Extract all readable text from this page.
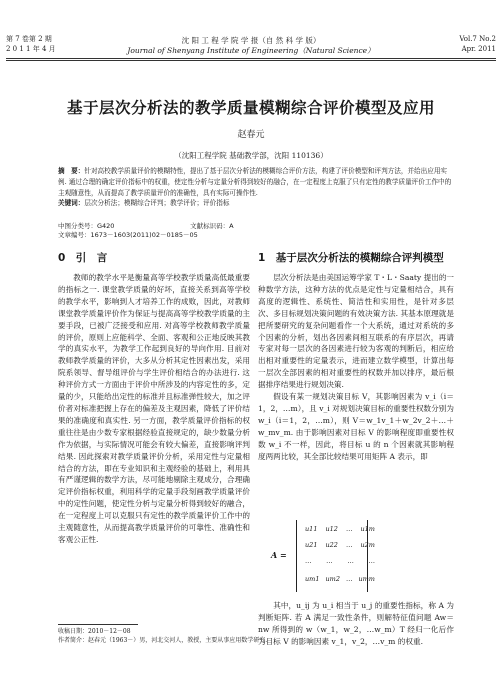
第 7 卷第 2 期
2 0 1 1 年 4 月
沈 阳 工 程 学 院 学 报（自 然 科 学 版）
Journal of Shenyang Institute of Engineering（Natural Science）
Vol.7 No.2
Apr. 2011
基于层次分析法的教学质量模糊综合评价模型及应用
赵春元
（沈阳工程学院 基础教学部，沈阳 110136）

摘　要：针对高校教学质量评价的模糊特性，提出了基于层次分析法的模糊综合评价方法，构建了评价模型和评判方法，并给出应用实例. 通过合理的确定评价指标中的权重，使定性分析与定量分析得到较好的融合，在一定程度上克服了只有定性的教学质量评价工作中的主观随意性，从而提高了教学质量评价的准确性，具有实际可操作性.

关键词：层次分析法；模糊综合评判；教学评价；评价指标

中图分类号：G420	文献标识码：A 文章编号：1673－1603(2011)02－0185－05
0　引　言

教师的教学水平是衡量高等学校教学质量高低最重要的指标之一. 课堂教学质量的好坏，直接关系到高等学校的教学水平，影响到人才培养工作的成败，因此，对教师课堂教学质量评价作为保证与提高高等学校教学质量的主要手段，已被广泛接受和应用. 对高等学校教师教学质量的评价，原则上应能科学、全面、客观和公正地反映其教学的真实水平，为教学工作起到良好的导向作用. 目前对教师教学质量的评价，大多从分析其定性因素出发，采用院系领导、督导组评价与学生评价相结合的办法进行. 这种评价方式一方面由于评价中所涉及的内容定性的多，定量的少，只能给出定性的标准并且标准弹性较大，加之评价者对标准把握上存在的偏差及主观因素，降低了评价结果的准确度和真实性. 另一方面，教学质量评价指标的权重往往是由少数专家根据经验直接规定的，缺少数量分析作为依据，与实际情况可能会有较大偏差，直接影响评判结果. 因此探索对教学质量评价分析，采用定性与定量相结合的方法，即在专业知识和主观经验的基础上，利用具有严谨逻辑的数学方法，尽可能地剔除主观成分，合理确定评价指标权重，利用科学的定量手段刻画教学质量评价中的定性问题，使定性分析与定量分析得到较好的融合，在一定程度上可以克服只有定性的教学质量评价工作中的主观随意性，从而提高教学质量评价的可靠性、准确性和客观公正性.

1　基于层次分析法的模糊综合评判模型

层次分析法是由美国运筹学家 T・L・Saaty 提出的一种数学方法，这种方法的优点是定性与定量相结合，具有高度的逻辑性、系统性、简洁性和实用性，是针对多层次、多目标规划决策问题的有效决策方法. 其基本原理就是把所要研究的复杂问题看作一个大系统，通过对系统的多个因素的分析，划出各因素间相互联系的有序层次，再请专家对每一层次的各因素进行较为客观的判断后，相应给出相对重要性的定量表示，进而建立数学模型，计算出每一层次全部因素的相对重要性的权数并加以排序，最后根据排序结果进行规划决策.

假设有某一规划决策目标 V，其影响因素为 v_i（i＝1，2，…m），且 v_i 对规划决策目标的重要性权数分别为 w_i（i＝1，2，…m），则 V＝w_1v_1＋w_2v_2＋…＋w_mv_m. 由于影响因素对目标 V 的影响程度即重要性权数 w_i 不一样，因此，将目标 u 的 n 个因素就其影响程度两两比较，其全部比较结果可用矩阵 A 表示，即

A =
u11 u12 … u1m
u21 u22 … u2m
… … … …
um1 um2 … umm

其中，u_ij 为 u_i 相当于 u_j 的重要性指标，称 A 为判断矩阵. 若 A 满足一致性条件，则解特征值问题 Aw＝nw 所得到的 w（w_1，w_2，…w_m）T 经归一化后作为目标 V 的影响因素 v_1，v_2，…v_m 的权重.

收稿日期：2010－12－08
作者简介：赵春元（1963－）男，河北交河人，教授，主要从事应用数学研究.
